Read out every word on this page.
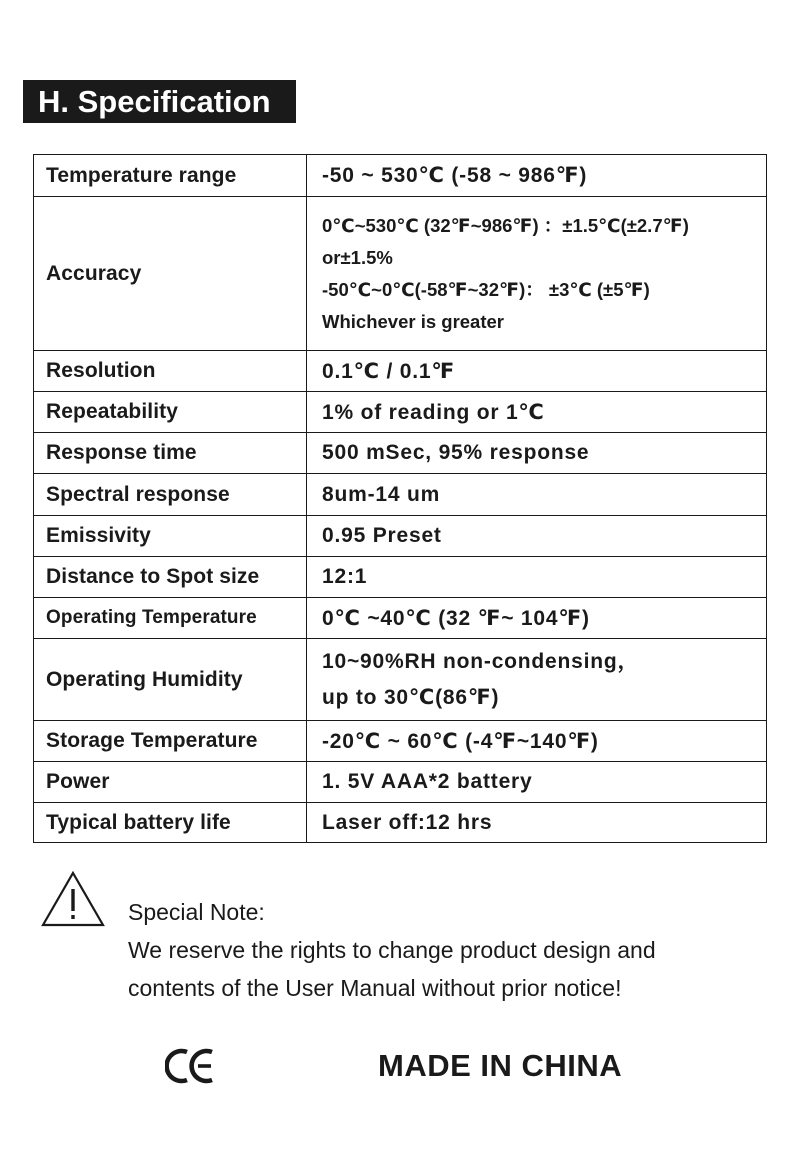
H. Specification
Temperature range	-50 ~ 530℃ (-58 ~ 986℉)

Accuracy	0℃~530℃ (32℉~986℉) ：±1.5℃(±2.7℉)
or±1.5%
-50℃~0℃(-58℉~32℉)： ±3℃ (±5℉)
Whichever is greater

Resolution	0.1℃ / 0.1℉

Repeatability	1% of reading or 1℃

Response time	500 mSec, 95% response

Spectral response	8um-14 um

Emissivity	0.95 Preset

Distance to Spot size	12:1

Operating Temperature	0℃ ~40℃ (32 ℉~ 104℉)

Operating Humidity	10~90%RH non-condensing，
up to 30℃(86℉)

Storage Temperature	-20℃ ~ 60℃ (-4℉~140℉)

Power	1. 5V AAA*2 battery

Typical battery life	Laser off:12 hrs
Special Note:
We reserve the rights to change product design and
contents of the User Manual without prior notice!
MADE IN CHINA
